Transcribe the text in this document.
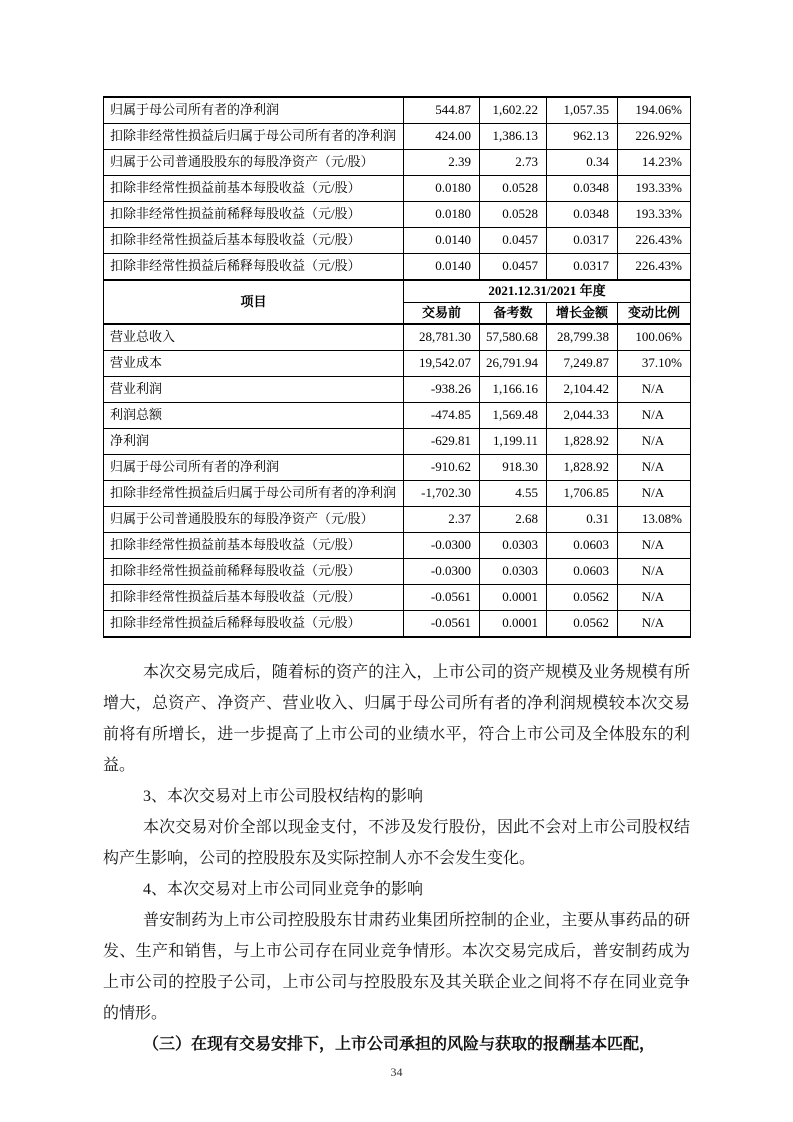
归属于母公司所有者的净利润	544.87	1,602.22	1,057.35	194.06%
扣除非经常性损益后归属于母公司所有者的净利润	424.00	1,386.13	962.13	226.92%
归属于公司普通股股东的每股净资产（元/股）	2.39	2.73	0.34	14.23%
扣除非经常性损益前基本每股收益（元/股）	0.0180	0.0528	0.0348	193.33%
扣除非经常性损益前稀释每股收益（元/股）	0.0180	0.0528	0.0348	193.33%
扣除非经常性损益后基本每股收益（元/股）	0.0140	0.0457	0.0317	226.43%
扣除非经常性损益后稀释每股收益（元/股）	0.0140	0.0457	0.0317	226.43%
项目	2021.12.31/2021 年度			
	交易前	备考数	增长金额	变动比例
营业总收入	28,781.30	57,580.68	28,799.38	100.06%
营业成本	19,542.07	26,791.94	7,249.87	37.10%
营业利润	-938.26	1,166.16	2,104.42	N/A
利润总额	-474.85	1,569.48	2,044.33	N/A
净利润	-629.81	1,199.11	1,828.92	N/A
归属于母公司所有者的净利润	-910.62	918.30	1,828.92	N/A
扣除非经常性损益后归属于母公司所有者的净利润	-1,702.30	4.55	1,706.85	N/A
归属于公司普通股股东的每股净资产（元/股）	2.37	2.68	0.31	13.08%
扣除非经常性损益前基本每股收益（元/股）	-0.0300	0.0303	0.0603	N/A
扣除非经常性损益前稀释每股收益（元/股）	-0.0300	0.0303	0.0603	N/A
扣除非经常性损益后基本每股收益（元/股）	-0.0561	0.0001	0.0562	N/A
扣除非经常性损益后稀释每股收益（元/股）	-0.0561	0.0001	0.0562	N/A

本次交易完成后，随着标的资产的注入，上市公司的资产规模及业务规模有所增大，总资产、净资产、营业收入、归属于母公司所有者的净利润规模较本次交易前将有所增长，进一步提高了上市公司的业绩水平，符合上市公司及全体股东的利益。

3、本次交易对上市公司股权结构的影响

本次交易对价全部以现金支付，不涉及发行股份，因此不会对上市公司股权结构产生影响，公司的控股股东及实际控制人亦不会发生变化。

4、本次交易对上市公司同业竞争的影响

普安制药为上市公司控股股东甘肃药业集团所控制的企业，主要从事药品的研发、生产和销售，与上市公司存在同业竞争情形。本次交易完成后，普安制药成为上市公司的控股子公司，上市公司与控股股东及其关联企业之间将不存在同业竞争的情形。

（三）在现有交易安排下，上市公司承担的风险与获取的报酬基本匹配，

34
